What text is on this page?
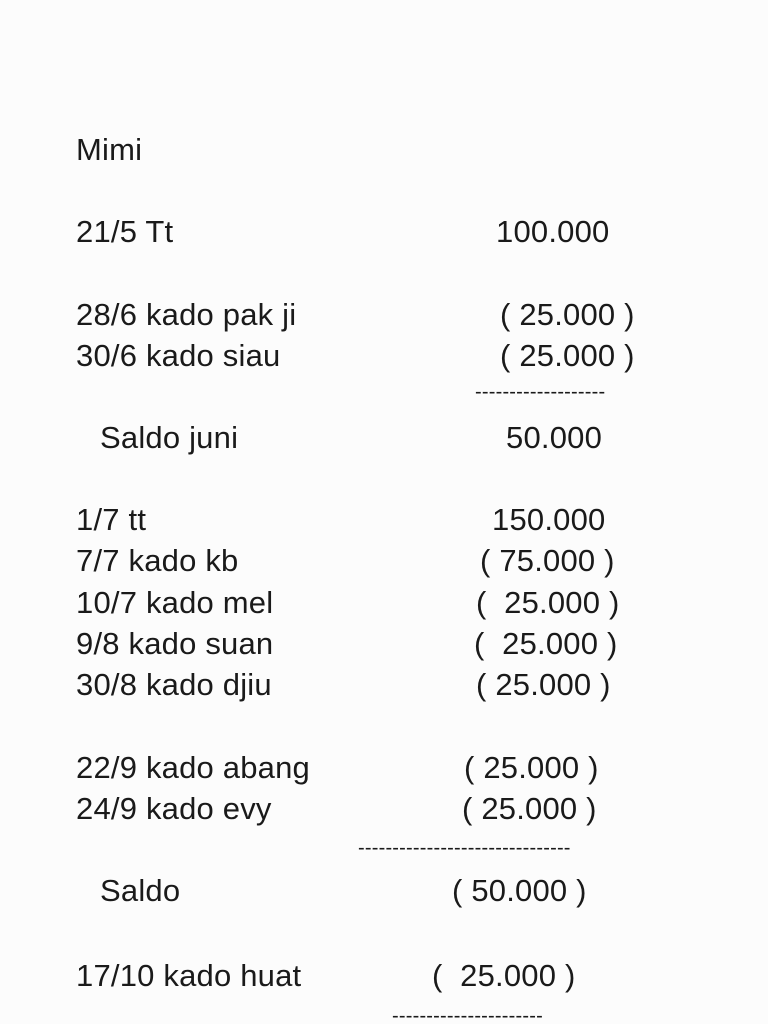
Mimi
21/5 Tt	100.000
28/6 kado pak ji	( 25.000 )
30/6 kado siau	( 25.000 )
-------------------
Saldo juni	50.000
1/7 tt	150.000
7/7 kado kb	( 75.000 )
10/7 kado mel	(  25.000 )
9/8 kado suan	(  25.000 )
30/8 kado djiu	( 25.000 )
22/9 kado abang	( 25.000 )
24/9 kado evy	( 25.000 )
-------------------------------
Saldo	( 50.000 )
17/10 kado huat	(  25.000 )
----------------------
